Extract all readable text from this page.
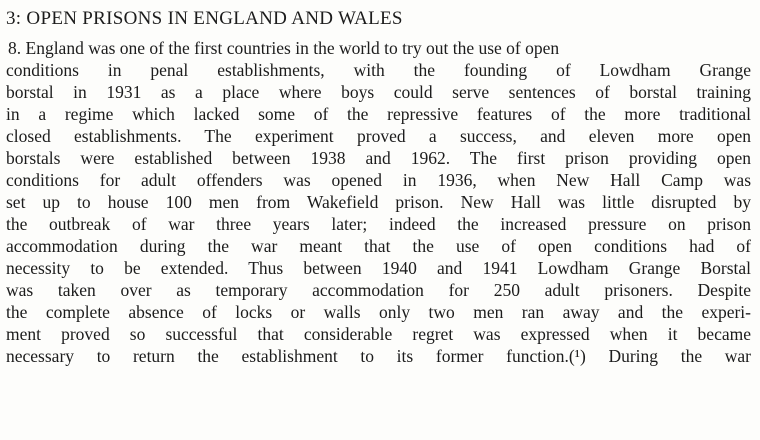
3: OPEN PRISONS IN ENGLAND AND WALES
8. England was one of the first countries in the world to try out the use of open
conditions in penal establishments, with the founding of Lowdham Grange
borstal in 1931 as a place where boys could serve sentences of borstal training
in a regime which lacked some of the repressive features of the more traditional
closed establishments. The experiment proved a success, and eleven more open
borstals were established between 1938 and 1962. The first prison providing open
conditions for adult offenders was opened in 1936, when New Hall Camp was
set up to house 100 men from Wakefield prison. New Hall was little disrupted by
the outbreak of war three years later; indeed the increased pressure on prison
accommodation during the war meant that the use of open conditions had of
necessity to be extended. Thus between 1940 and 1941 Lowdham Grange Borstal
was taken over as temporary accommodation for 250 adult prisoners. Despite
the complete absence of locks or walls only two men ran away and the experi-
ment proved so successful that considerable regret was expressed when it became
necessary to return the establishment to its former function.(¹) During the war
